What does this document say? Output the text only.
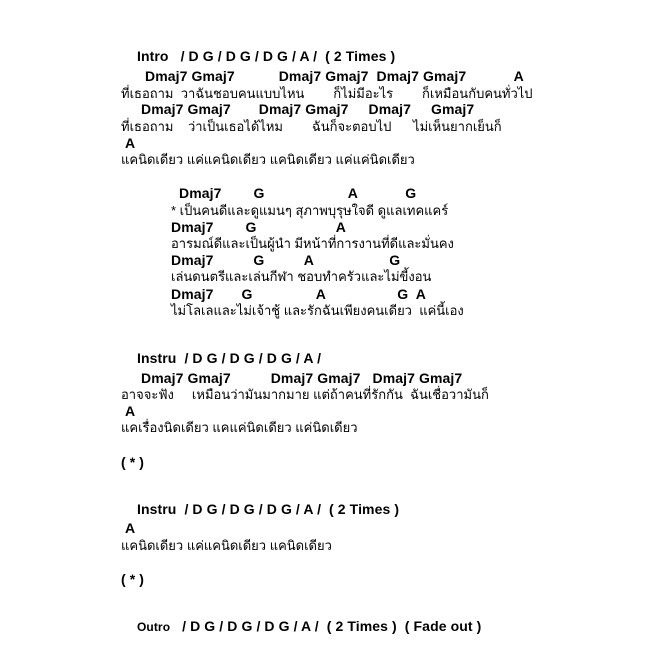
Intro / D G / D G / D G / A /  ( 2 Times )

Dmaj7 Gmaj7           Dmaj7 Gmaj7  Dmaj7 Gmaj7            A
ที่เธอถาม  วาฉันชอบคนแบบไหน        ก็ไม่มีอะไร        ก็เหมือนกับคนทั่วไป
Dmaj7 Gmaj7       Dmaj7 Gmaj7     Dmaj7     Gmaj7
ที่เธอถาม    ว่าเป็นเธอได้ไหม        ฉันก็จะตอบไป      ไม่เห็นยากเย็นก็
A
แคนิดเดียว แค่แคนิดเดียว แคนิดเดียว แค่แค่นิดเดียว
Dmaj7        G                     A            G
* เป็นคนดีและดูแมนๆ สุภาพบุรุษใจดี ดูแลเทคแคร์
Dmaj7        G                    A
อารมณ์ดีและเป็นผู้นำ มีหน้าที่การงานที่ดีและมั่นคง
Dmaj7          G          A                   G
เล่นดนตรีและเล่นกีฬา ชอบทำครัวและไม่ขี้งอน
Dmaj7       G                A                  G  A
ไม่โลเลและไม่เจ้าชู้ และรักฉันเพียงคนเดียว  แค่นี้เอง

Instru / D G / D G / D G / A /

Dmaj7 Gmaj7          Dmaj7 Gmaj7   Dmaj7 Gmaj7
อาจจะฟัง     เหมือนว่ามันมากมาย แต่ถ้าคนที่รักกัน  ฉันเชื่อวามันก็
A
แคเรื่องนิดเดียว แคแค่นิดเดียว แค่นิดเดียว
( * )

Instru / D G / D G / D G / A /  ( 2 Times )

A
แคนิดเดียว แค่แคนิดเดียว แคนิดเดียว
( * )

Outro / D G / D G / D G / A /  ( 2 Times )  ( Fade out )
